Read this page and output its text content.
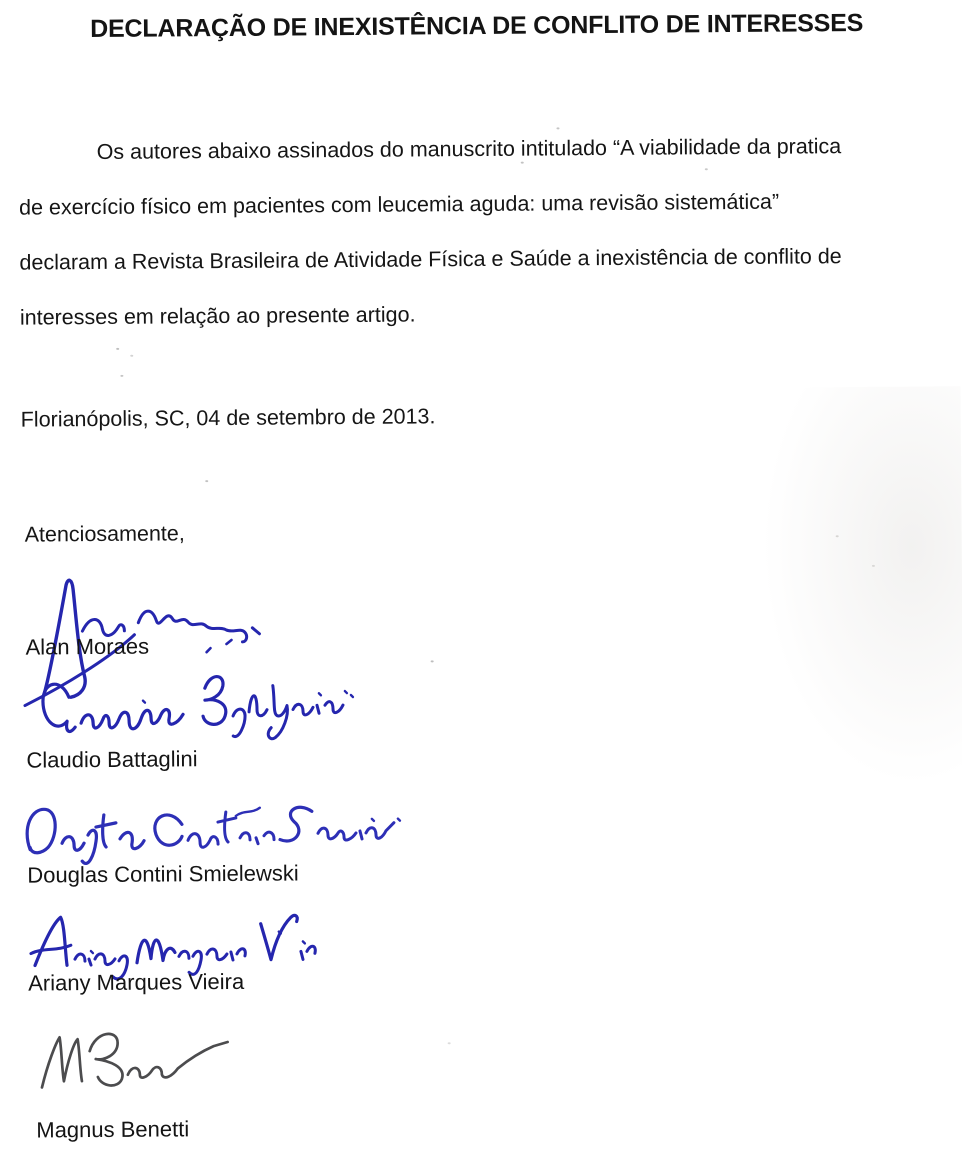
DECLARAÇÃO DE INEXISTÊNCIA DE CONFLITO DE INTERESSES
Os autores abaixo assinados do manuscrito intitulado “A viabilidade da pratica
de exercício físico em pacientes com leucemia aguda: uma revisão sistemática”
declaram a Revista Brasileira de Atividade Física e Saúde a inexistência de conflito de
interesses em relação ao presente artigo.
Florianópolis, SC, 04 de setembro de 2013.
Atenciosamente,
Alan Moraes
Claudio Battaglini
Douglas Contini Smielewski
Ariany Marques Vieira
Magnus Benetti
